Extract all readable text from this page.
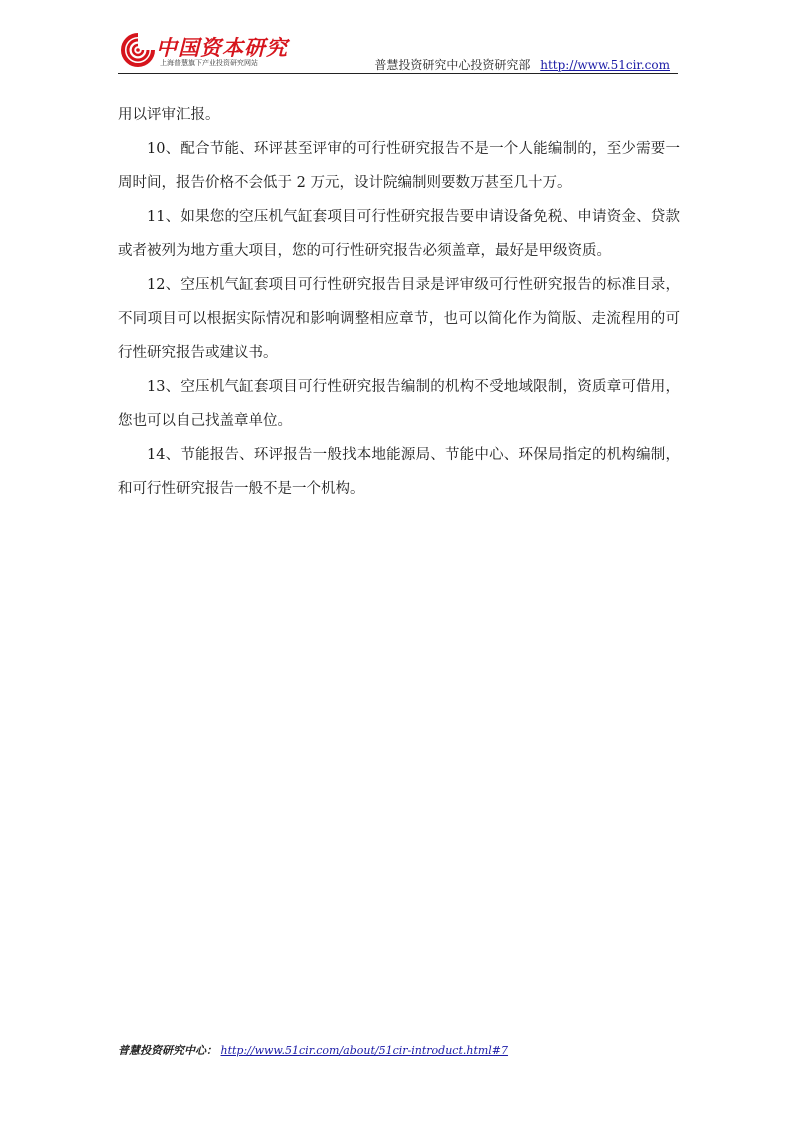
中国资本研究
上海普慧旗下产业投资研究网站	普慧投资研究中心投资研究部 http://www.51cir.com

用以评审汇报。

10、配合节能、环评甚至评审的可行性研究报告不是一个人能编制的，至少需要一周时间，报告价格不会低于 2 万元，设计院编制则要数万甚至几十万。

11、如果您的空压机气缸套项目可行性研究报告要申请设备免税、申请资金、贷款或者被列为地方重大项目，您的可行性研究报告必须盖章，最好是甲级资质。

12、空压机气缸套项目可行性研究报告目录是评审级可行性研究报告的标准目录，不同项目可以根据实际情况和影响调整相应章节，也可以简化作为简版、走流程用的可行性研究报告或建议书。

13、空压机气缸套项目可行性研究报告编制的机构不受地域限制，资质章可借用，您也可以自己找盖章单位。

14、节能报告、环评报告一般找本地能源局、节能中心、环保局指定的机构编制，和可行性研究报告一般不是一个机构。

普慧投资研究中心： http://www.51cir.com/about/51cir-introduct.html#7
